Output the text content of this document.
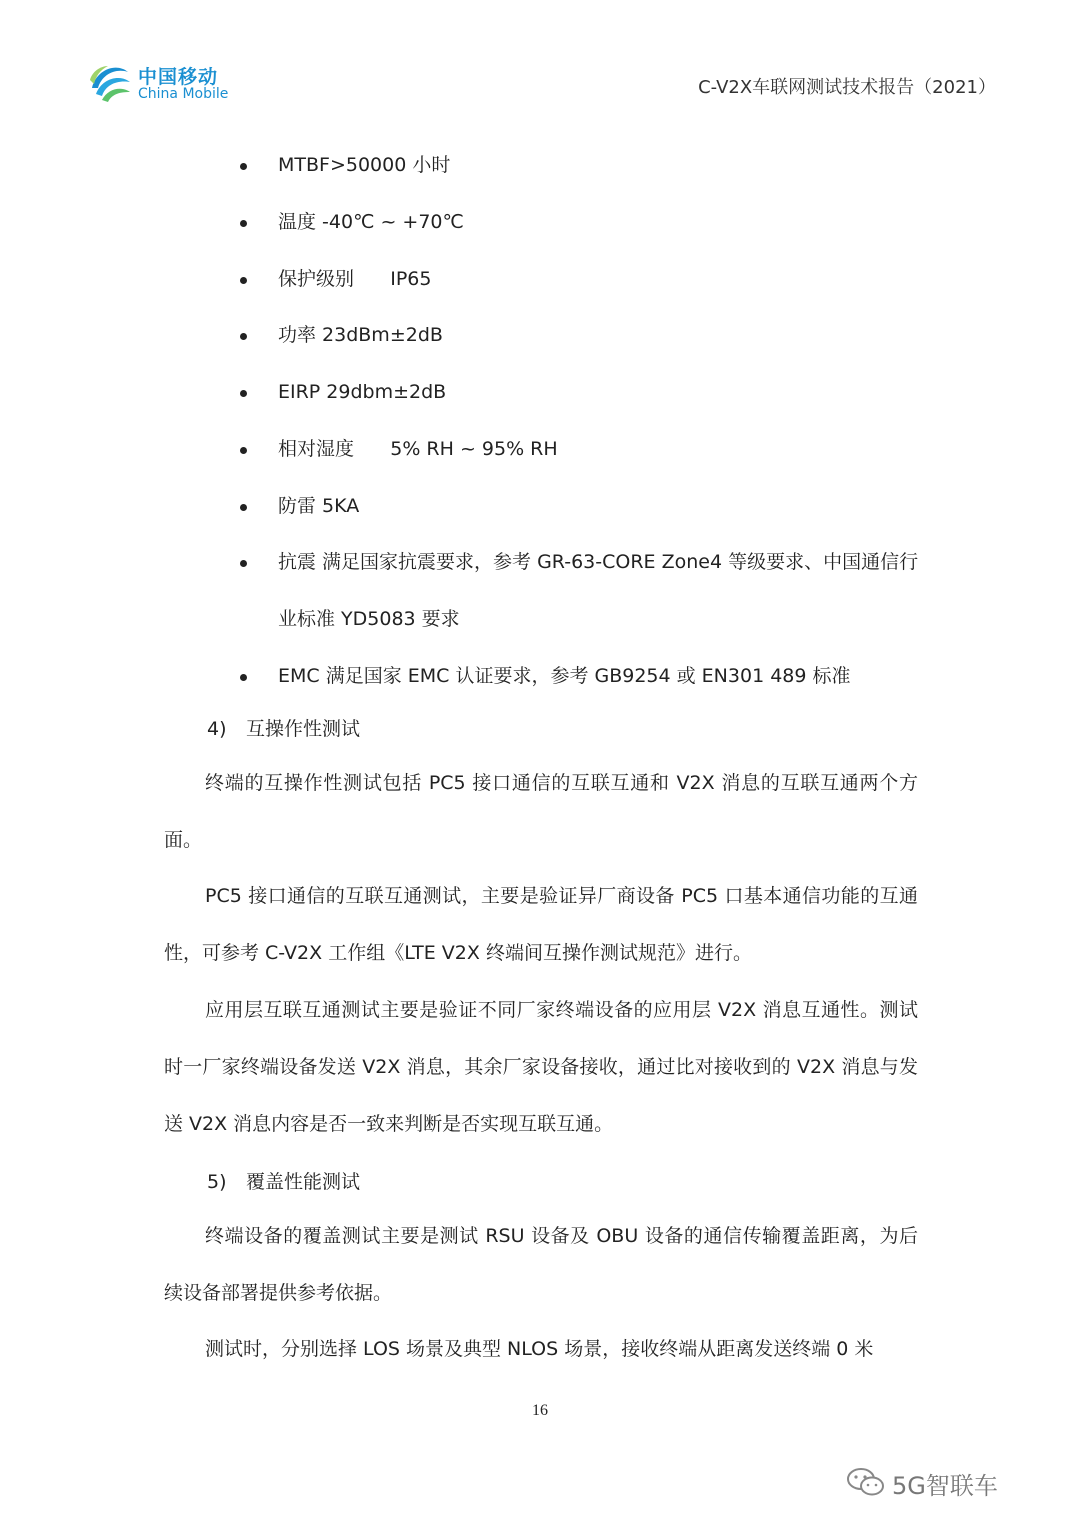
中国移动
China Mobile	C-V2X车联网测试技术报告（2021）
MTBF>50000 小时
温度 -40℃ ~ +70℃
保护级别      IP65
功率 23dBm±2dB
EIRP 29dbm±2dB
相对湿度      5% RH ~ 95% RH
防雷 5KA
抗震 满足国家抗震要求，参考 GR-63-CORE Zone4 等级要求、中国通信行业标准 YD5083 要求
EMC 满足国家 EMC 认证要求，参考 GB9254 或 EN301 489 标准
4) 互操作性测试
终端的互操作性测试包括 PC5 接口通信的互联互通和 V2X 消息的互联互通两个方面。
PC5 接口通信的互联互通测试，主要是验证异厂商设备 PC5 口基本通信功能的互通性，可参考 C-V2X 工作组《LTE V2X 终端间互操作测试规范》进行。
应用层互联互通测试主要是验证不同厂家终端设备的应用层 V2X 消息互通性。测试时一厂家终端设备发送 V2X 消息，其余厂家设备接收，通过比对接收到的 V2X 消息与发送 V2X 消息内容是否一致来判断是否实现互联互通。
5) 覆盖性能测试
终端设备的覆盖测试主要是测试 RSU 设备及 OBU 设备的通信传输覆盖距离，为后续设备部署提供参考依据。
测试时，分别选择 LOS 场景及典型 NLOS 场景，接收终端从距离发送终端 0 米
16
5G智联车
